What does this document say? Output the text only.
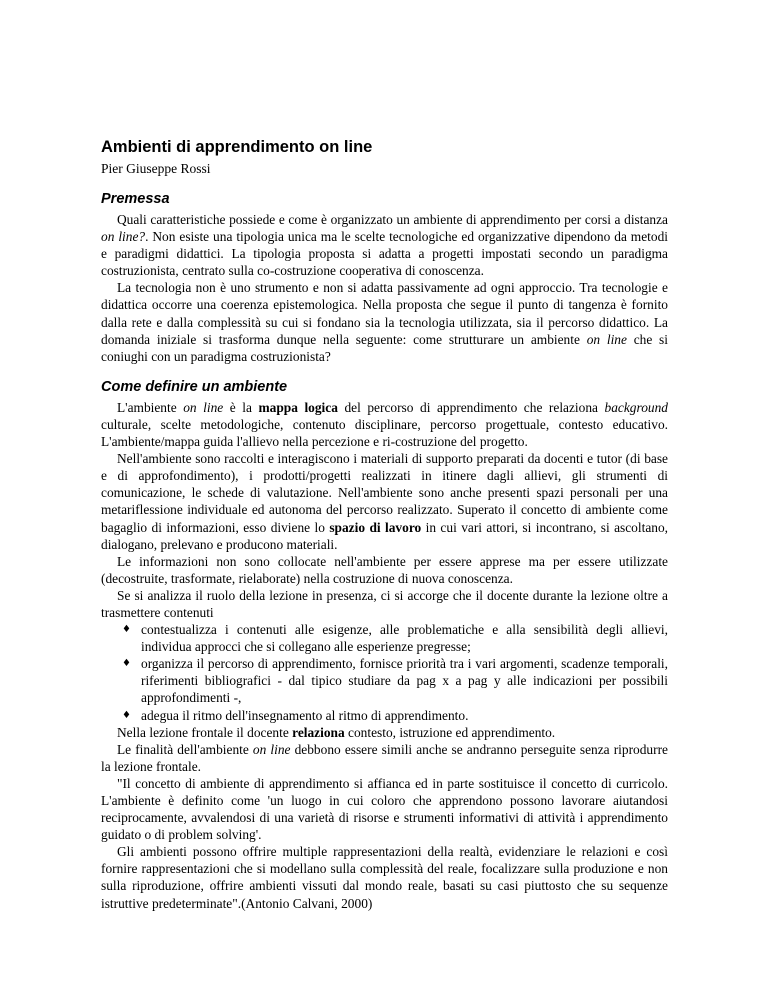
Ambienti di apprendimento on line
Pier Giuseppe Rossi
Premessa

Quali caratteristiche possiede e come è organizzato un ambiente di apprendimento per corsi a distanza on line?. Non esiste una tipologia unica ma le scelte tecnologiche ed organizzative dipendono da metodi e paradigmi didattici. La tipologia proposta si adatta a progetti impostati secondo un paradigma costruzionista, centrato sulla co-costruzione cooperativa di conoscenza.

La tecnologia non è uno strumento e non si adatta passivamente ad ogni approccio. Tra tecnologie e didattica occorre una coerenza epistemologica. Nella proposta che segue il punto di tangenza è fornito dalla rete e dalla complessità su cui si fondano sia la tecnologia utilizzata, sia il percorso didattico. La domanda iniziale si trasforma dunque nella seguente: come strutturare un ambiente on line che si coniughi con un paradigma costruzionista?

Come definire un ambiente

L'ambiente on line è la mappa logica del percorso di apprendimento che relaziona background culturale, scelte metodologiche, contenuto disciplinare, percorso progettuale, contesto educativo. L'ambiente/mappa guida l'allievo nella percezione e ri-costruzione del progetto.

Nell'ambiente sono raccolti e interagiscono i materiali di supporto preparati da docenti e tutor (di base e di approfondimento), i prodotti/progetti realizzati in itinere dagli allievi, gli strumenti di comunicazione, le schede di valutazione. Nell'ambiente sono anche presenti spazi personali per una metariflessione individuale ed autonoma del percorso realizzato. Superato il concetto di ambiente come bagaglio di informazioni, esso diviene lo spazio di lavoro in cui vari attori, si incontrano, si ascoltano, dialogano, prelevano e producono materiali.

Le informazioni non sono collocate nell'ambiente per essere apprese ma per essere utilizzate (decostruite, trasformate, rielaborate) nella costruzione di nuova conoscenza.

Se si analizza il ruolo della lezione in presenza, ci si accorge che il docente durante la lezione oltre a trasmettere contenuti

♦ contestualizza i contenuti alle esigenze, alle problematiche e alla sensibilità degli allievi, individua approcci che si collegano alle esperienze pregresse;
♦ organizza il percorso di apprendimento, fornisce priorità tra i vari argomenti, scadenze temporali, riferimenti bibliografici - dal tipico studiare da pag x a pag y alle indicazioni per possibili approfondimenti -,
♦ adegua il ritmo dell'insegnamento al ritmo di apprendimento.

Nella lezione frontale il docente relaziona contesto, istruzione ed apprendimento.

Le finalità dell'ambiente on line debbono essere simili anche se andranno perseguite senza riprodurre la lezione frontale.

"Il concetto di ambiente di apprendimento si affianca ed in parte sostituisce il concetto di curricolo. L'ambiente è definito come 'un luogo in cui coloro che apprendono possono lavorare aiutandosi reciprocamente, avvalendosi di una varietà di risorse e strumenti informativi di attività i apprendimento guidato o di problem solving'.

Gli ambienti possono offrire multiple rappresentazioni della realtà, evidenziare le relazioni e così fornire rappresentazioni che si modellano sulla complessità del reale, focalizzare sulla produzione e non sulla riproduzione, offrire ambienti vissuti dal mondo reale, basati su casi piuttosto che su sequenze istruttive predeterminate".(Antonio Calvani, 2000)
